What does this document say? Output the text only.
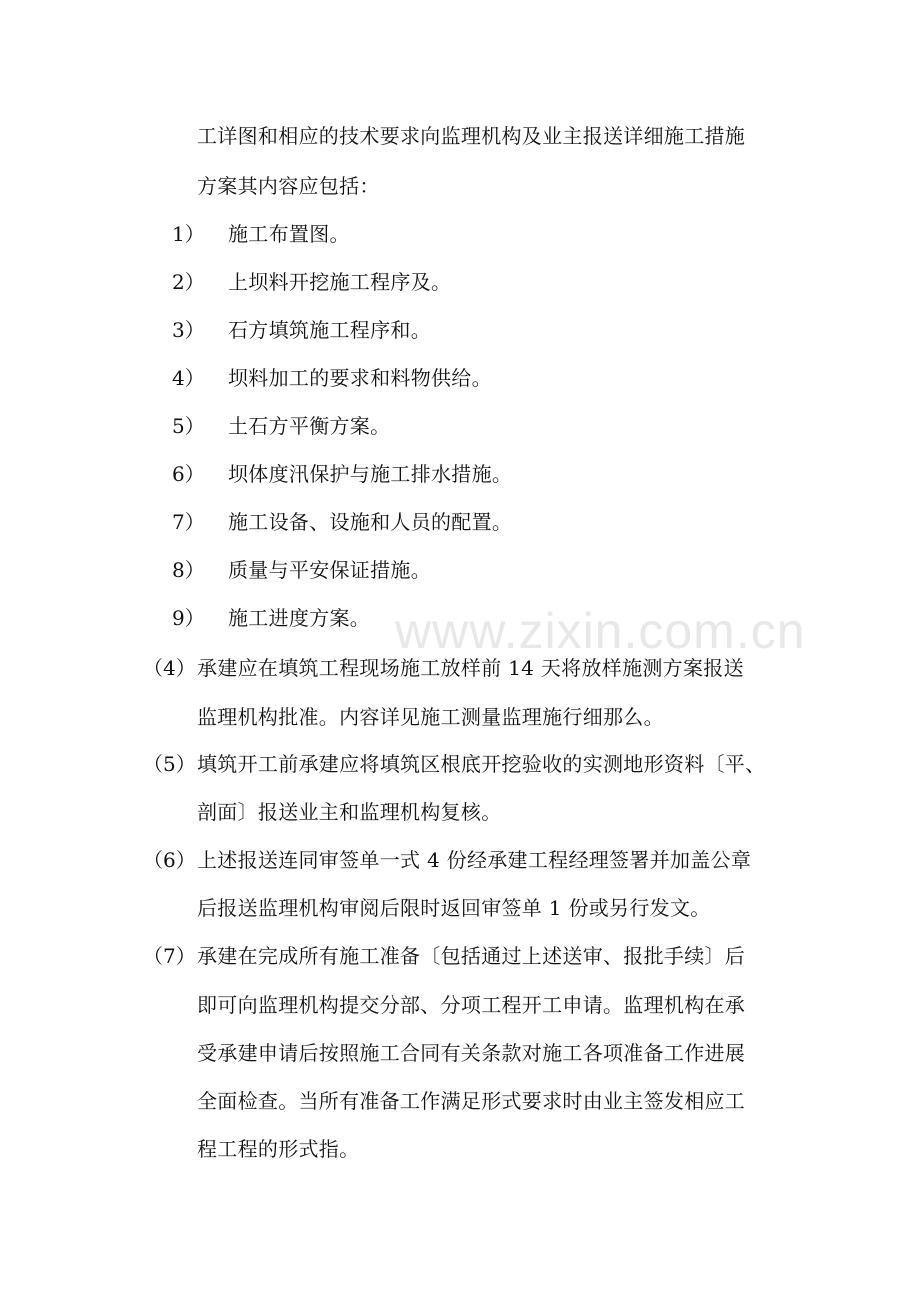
www.zixin.com.cn
工详图和相应的技术要求向监理机构及业主报送详细施工措施
方案其内容应包括：
1） 施工布置图。
2） 上坝料开挖施工程序及。
3） 石方填筑施工程序和。
4） 坝料加工的要求和料物供给。
5） 土石方平衡方案。
6） 坝体度汛保护与施工排水措施。
7） 施工设备、设施和人员的配置。
8） 质量与平安保证措施。
9） 施工进度方案。
（4） 承建应在填筑工程现场施工放样前 14 天将放样施测方案报送
监理机构批准。内容详见施工测量监理施行细那么。
（5） 填筑开工前承建应将填筑区根底开挖验收的实测地形资料〔平、
剖面〕报送业主和监理机构复核。
（6） 上述报送连同审签单一式 4 份经承建工程经理签署并加盖公章
后报送监理机构审阅后限时返回审签单 1 份或另行发文。
（7） 承建在完成所有施工准备〔包括通过上述送审、报批手续〕后
即可向监理机构提交分部、分项工程开工申请。监理机构在承
受承建申请后按照施工合同有关条款对施工各项准备工作进展
全面检查。当所有准备工作满足形式要求时由业主签发相应工
程工程的形式指。
